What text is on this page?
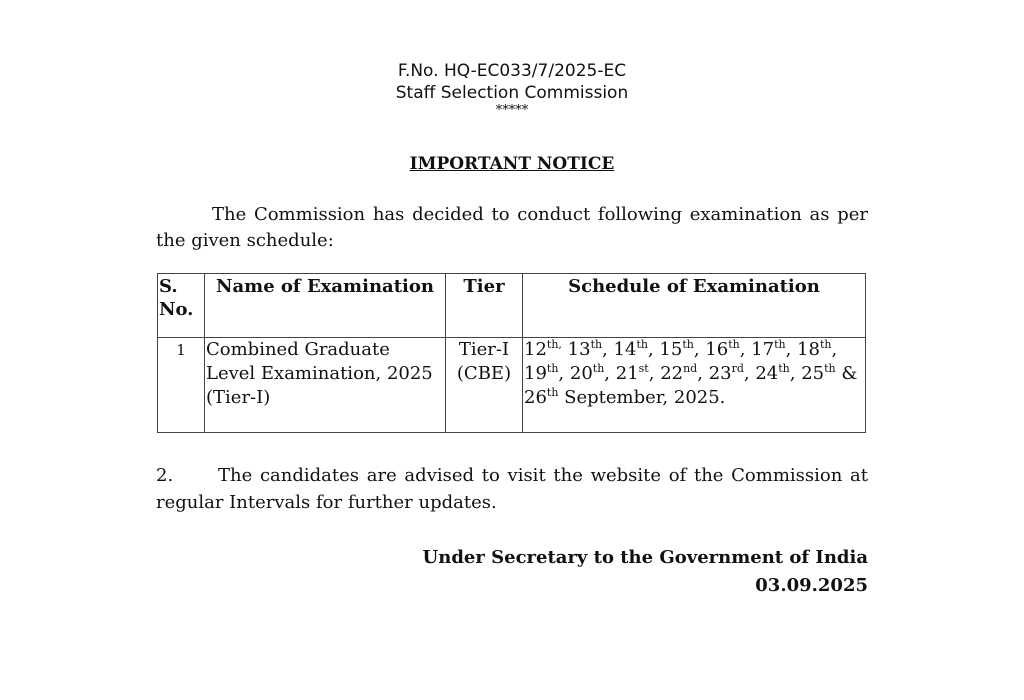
F.No. HQ-EC033/7/2025-EC
Staff Selection Commission
*****
IMPORTANT NOTICE
The Commission has decided to conduct following examination as per the given schedule:
S. No.	Name of Examination	Tier	Schedule of Examination
1	Combined Graduate Level Examination, 2025 (Tier-I)	Tier-I (CBE)	$12^{th,}$ 13th, 14th, 15th, 16th, 17th, 18th, 19th, 20th, 21st, 22nd, 23rd, 24th, 25th & 26th September, 2025.
2. The candidates are advised to visit the website of the Commission at regular Intervals for further updates.
Under Secretary to the Government of India
03.09.2025
